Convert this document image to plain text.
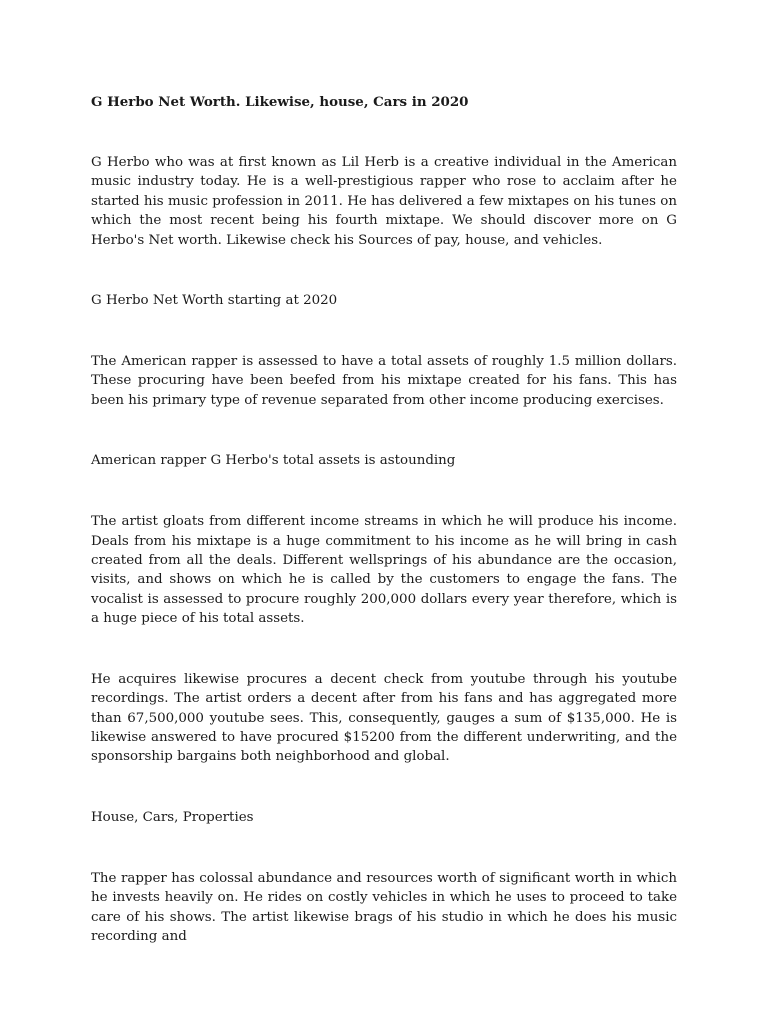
G Herbo Net Worth. Likewise, house, Cars in 2020
G Herbo who was at first known as Lil Herb is a creative individual in the American music industry today. He is a well-prestigious rapper who rose to acclaim after he started his music profession in 2011. He has delivered a few mixtapes on his tunes on which the most recent being his fourth mixtape. We should discover more on G Herbo's Net worth. Likewise check his Sources of pay, house, and vehicles.
G Herbo Net Worth starting at 2020
The American rapper is assessed to have a total assets of roughly 1.5 million dollars. These procuring have been beefed from his mixtape created for his fans. This has been his primary type of revenue separated from other income producing exercises.
American rapper G Herbo's total assets is astounding
The artist gloats from different income streams in which he will produce his income. Deals from his mixtape is a huge commitment to his income as he will bring in cash created from all the deals. Different wellsprings of his abundance are the occasion, visits, and shows on which he is called by the customers to engage the fans. The vocalist is assessed to procure roughly 200,000 dollars every year therefore, which is a huge piece of his total assets.
He acquires likewise procures a decent check from youtube through his youtube recordings. The artist orders a decent after from his fans and has aggregated more than 67,500,000 youtube sees. This, consequently, gauges a sum of $135,000. He is likewise answered to have procured $15200 from the different underwriting, and the sponsorship bargains both neighborhood and global.
House, Cars, Properties
The rapper has colossal abundance and resources worth of significant worth in which he invests heavily on. He rides on costly vehicles in which he uses to proceed to take care of his shows. The artist likewise brags of his studio in which he does his music recording and
